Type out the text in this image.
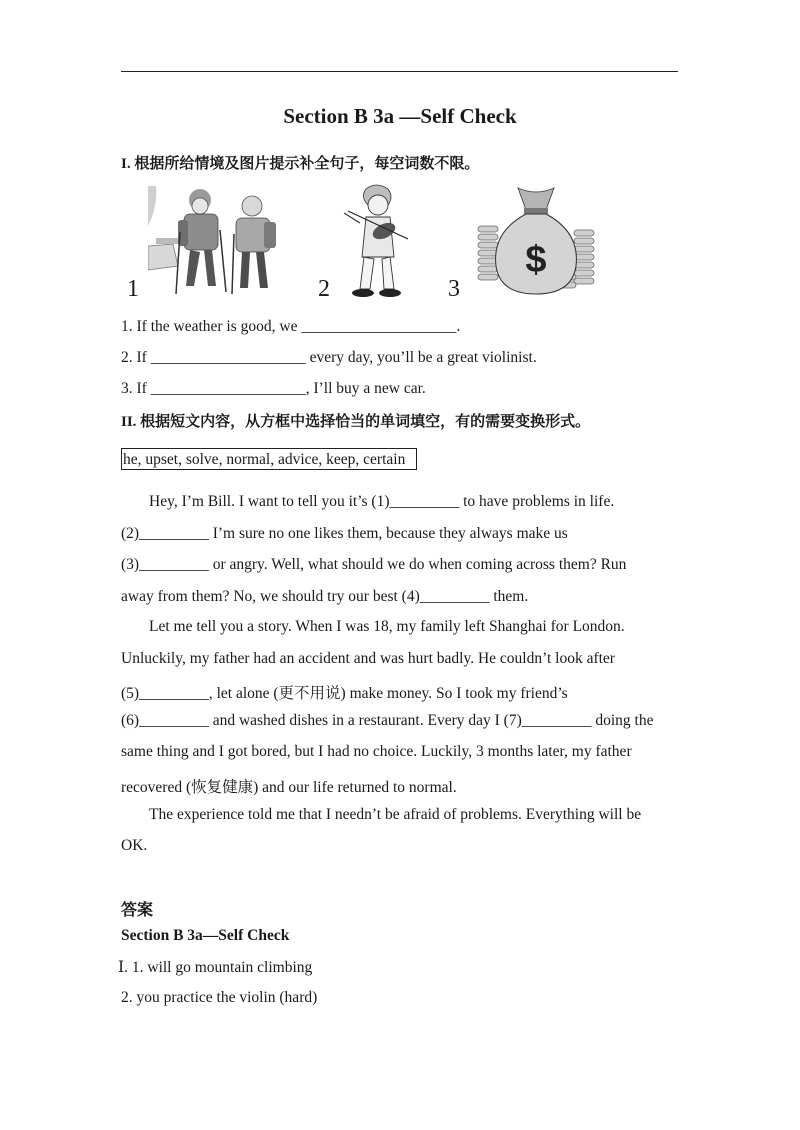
Section B 3a —Self Check
I. 根据所给情境及图片提示补全句子，每空词数不限。
1	2	3
$
1. If the weather is good, we ____________________.
2. If ____________________ every day, you’ll be a great violinist.
3. If ____________________, I’ll buy a new car.
II. 根据短文内容，从方框中选择恰当的单词填空，有的需要变换形式。
he, upset, solve, normal, advice, keep, certain
Hey, I’m Bill. I want to tell you it’s (1)_________ to have problems in life.
(2)_________ I’m sure no one likes them, because they always make us
(3)_________ or angry. Well, what should we do when coming across them? Run
away from them? No, we should try our best (4)_________ them.
Let me tell you a story. When I was 18, my family left Shanghai for London.
Unluckily, my father had an accident and was hurt badly. He couldn’t look after
(5)_________, let alone (更不用说) make money. So I took my friend’s
(6)_________ and washed dishes in a restaurant. Every day I (7)_________ doing the
same thing and I got bored, but I had no choice. Luckily, 3 months later, my father
recovered (恢复健康) and our life returned to normal.
The experience told me that I needn’t be afraid of problems. Everything will be
OK.
答案
Section B 3a—Self Check
Ⅰ. 1. will go mountain climbing
2. you practice the violin (hard)
